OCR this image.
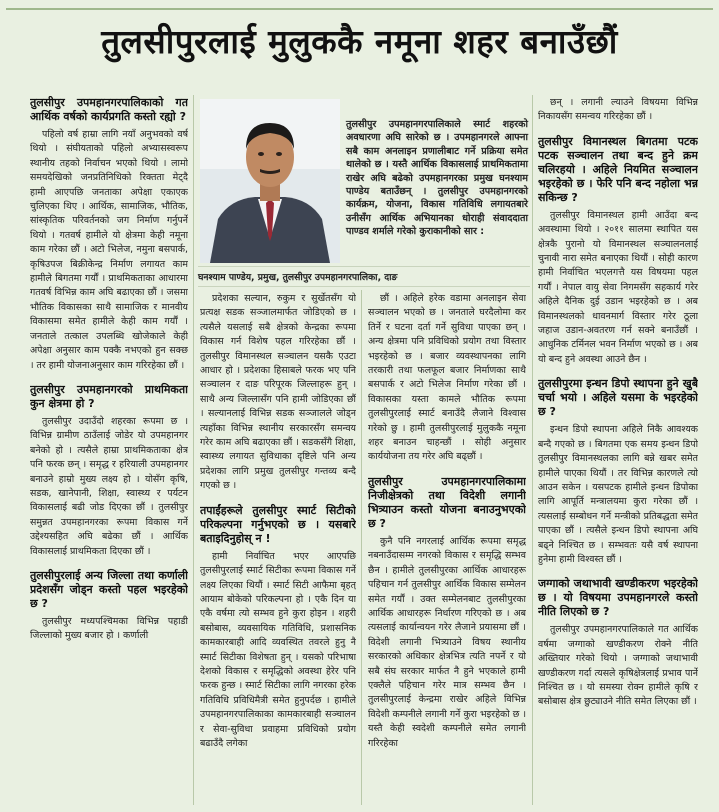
तुलसीपुरलाई मुलुककै नमूना शहर बनाउँछौं
तुलसीपुर उपमहानगरपालिकाले स्मार्ट शहरको अवधारणा अघि सारेको छ । उपमहानगरले आफ्ना सबै काम अनलाइन प्रणालीबाट गर्ने प्रक्रिया समेत थालेको छ । यस्तै आर्थिक विकासलाई प्राथमिकतामा राखेर अघि बढेको उपमहानगरका प्रमुख घनश्याम पाण्डेय बताउँछन् । तुलसीपुर उपमहानगरको कार्यक्रम, योजना, विकास गतिविधि लगायतबारे उनीसँग आर्थिक अभियानका धोराही संवाददाता पाण्डव शर्माले गरेको कुराकानीको सार :
घनश्याम पाण्डेय, प्रमुख, तुलसीपुर उपमहानगरपालिका, दाङ
तुलसीपुर उपमहानगरपालिकाको गत आर्थिक वर्षको कार्यप्रगति कस्तो रह्यो ?

पहिलो वर्ष हाम्रा लागि नयाँ अनुभवको वर्ष थियो । संघीयताको पहिलो अभ्यासस्वरूप स्थानीय तहको निर्वाचन भएको थियो । लामो समयदेखिको जनप्रतिनिधिको रिक्तता मेट्दै हामी आएपछि जनताका अपेक्षा एकाएक चुलिएका थिए । आर्थिक, सामाजिक, भौतिक, सांस्कृतिक परिवर्तनको जग निर्माण गर्नुपर्ने थियो । गतवर्ष हामीले यो क्षेत्रमा केही नमूना काम गरेका छौं । अटो भिलेज, नमुना बसपार्क, कृषिउपज बिक्रीकेन्द्र निर्माण लगायत काम हामीले बिगतमा गर्यौं । प्राथमिकताका आधारमा गतवर्ष विभिन्न काम अघि बढाएका छौं । जसमा भौतिक विकासका साथै सामाजिक र मानवीय विकासमा समेत हामीले केही काम गर्यौं । जनताले तत्काल उपलब्धि खोजेकाले केही अपेक्षा अनुसार काम पक्कै नभएको हुन सक्छ । तर हामी योजनाअनुसार काम गरिरहेका छौं ।

तुलसीपुर उपमहानगरको प्राथमिकता कुन क्षेत्रमा हो ?

तुलसीपुर उदाउँदो शहरका रूपमा छ । विभिन्न ग्रामीण ठाउँलाई जोडेर यो उपमहानगर बनेको हो । त्यसैले हाम्रा प्राथमिकताका क्षेत्र पनि फरक छन् । समृद्ध र हरियाली उपमहानगर बनाउने हाम्रो मुख्य लक्ष्य हो । योसँग कृषि, सडक, खानेपानी, शिक्षा, स्वास्थ्य र पर्यटन विकासलाई बढी जोड दिएका छौं । तुलसीपुर समुन्नत उपमहानगरका रूपमा विकास गर्ने उद्देश्यसहित अघि बढेका छौं । आर्थिक विकासलाई प्राथमिकता दिएका छौं ।

तुलसीपुरलाई अन्य जिल्ला तथा कर्णाली प्रदेशसँग जोड्न कस्तो पहल भइरहेको छ ?

तुलसीपुर मध्यपश्चिमका विभिन्न पहाडी जिल्लाको मुख्य बजार हो । कर्णाली

प्रदेशका सल्यान, रुकुम र सुर्खेतसँग यो प्रत्यक्ष सडक सञ्जालमार्फत जोडिएको छ । त्यसैले यसलाई सबै क्षेत्रको केन्द्रका रूपमा विकास गर्न विशेष पहल गरिरहेका छौं । तुलसीपुर विमानस्थल सञ्चालन यसकै एउटा आधार हो । प्रदेशका हिसाबले फरक भए पनि सञ्चालन र दाङ परिपूरक जिल्लाहरू हुन् । साथै अन्य जिल्लासँग पनि हामी जोडिएका छौं । सल्यानलाई विभिन्न सडक सञ्जालले जोड्न त्यहाँका विभिन्न स्थानीय सरकारसँग समन्वय गरेर काम अघि बढाएका छौं । सडकसँगै शिक्षा, स्वास्थ्य लगायत सुविधाका दृष्टिले पनि अन्य प्रदेशका लागि प्रमुख तुलसीपुर गन्तव्य बन्दै गएको छ ।

तपाईंहरूले तुलसीपुर स्मार्ट सिटीको परिकल्पना गर्नुभएको छ । यसबारे बताइदिनुहोस् न !

हामी निर्वाचित भएर आएपछि तुलसीपुरलाई स्मार्ट सिटीका रूपमा विकास गर्ने लक्ष्य लिएका थियौं । स्मार्ट सिटी आफैमा बृहत् आयाम बोकेको परिकल्पना हो । एकै दिन या एकै वर्षमा त्यो सम्भव हुने कुरा होइन । शहरी बसोबास, व्यवसायिक गतिविधि, प्रशासनिक कामकारबाही आदि व्यवस्थित तवरले हुनु नै स्मार्ट सिटीका विशेषता हुन् । यसको परिभाषा देशको विकास र समृद्धिको अवस्था हेरेर पनि फरक हुन्छ । स्मार्ट सिटीका लागि नगरका हरेक गतिविधि प्रविधिमैत्री समेत हुनुपर्दछ । हामीले उपमहानगरपालिकाका कामकारबाही सञ्चालन र सेवा-सुविधा प्रवाहमा प्रविधिको प्रयोग बढाउँदै लगेका

छौं । अहिले हरेक वडामा अनलाइन सेवा सञ्चालन भएको छ । जनताले घरदैलोमा कर तिर्ने र घटना दर्ता गर्ने सुविधा पाएका छन् । अन्य क्षेत्रमा पनि प्रविधिको प्रयोग तथा विस्तार भइरहेको छ । बजार व्यवस्थापनका लागि तरकारी तथा फलफूल बजार निर्माणका साथै बसपार्क र अटो भिलेज निर्माण गरेका छौं । विकासका यस्ता कामले भौतिक रूपमा तुलसीपुरलाई स्मार्ट बनाउँदै लैजाने विश्वास गरेको छु । हामी तुलसीपुरलाई मुलुककै नमूना शहर बनाउन चाहन्छौं । सोही अनुसार कार्ययोजना तय गरेर अघि बढ्छौं ।

तुलसीपुर उपमहानगरपालिकामा निजीक्षेत्रको तथा विदेशी लगानी भित्र्याउन कस्तो योजना बनाउनुभएको छ ?

कुनै पनि नगरलाई आर्थिक रूपमा समृद्ध नबनाउँदासम्म नगरको विकास र समृद्धि सम्भव छैन । हामीले तुलसीपुरका आर्थिक आधारहरू पहिचान गर्न तुलसीपुर आर्थिक विकास सम्मेलन समेत गर्यौं । उक्त सम्मेलनबाट तुलसीपुरका आर्थिक आधारहरू निर्धारण गरिएको छ । अब त्यसलाई कार्यान्वयन गरेर लैजाने प्रयासमा छौं । विदेशी लगानी भित्र्याउने विषय स्थानीय सरकारको अधिकार क्षेत्रभित्र त्यति नपर्ने र यो सबै संघ सरकार मार्फत नै हुने भएकाले हामी एक्लैले पहिचान गरेर मात्र सम्भव छैन । तुलसीपुरलाई केन्द्रमा राखेर अहिले विभिन्न विदेशी कम्पनीले लगानी गर्ने कुरा भइरहेको छ । यस्तै केही स्वदेशी कम्पनीले समेत लगानी गरिरहेका

छन् । लगानी ल्याउने विषयमा विभिन्न निकायसँग समन्वय गरिरहेका छौं ।

तुलसीपुर विमानस्थल बिगतमा पटक पटक सञ्चालन तथा बन्द हुने क्रम चलिरहयो । अहिले नियमित सञ्चालन भइरहेको छ । फेरि पनि बन्द नहोला भन्न सकिन्छ ?

तुलसीपुर विमानस्थल हामी आउँदा बन्द अवस्थामा थियो । २०११ सालमा स्थापित यस क्षेत्रकै पुरानो यो विमानस्थल सञ्चालनलाई चुनावी नारा समेत बनाएका थियौं । सोही कारण हामी निर्वाचित भएलगत्तै यस विषयमा पहल गर्यौं । नेपाल वायु सेवा निगमसँग सहकार्य गरेर अहिले दैनिक दुई उडान भइरहेको छ । अब विमानस्थलको धावनमार्ग विस्तार गरेर ठूला जहाज उडान-अवतरण गर्न सक्ने बनाउँछौं । आधुनिक टर्मिनल भवन निर्माण भएको छ । अब यो बन्द हुने अवस्था आउने छैन ।

तुलसीपुरमा इन्धन डिपो स्थापना हुने खुबै चर्चा भयो । अहिले यसमा के भइरहेको छ ?

इन्धन डिपो स्थापना अहिले निकै आवश्यक बन्दै गएको छ । बिगतमा एक समय इन्धन डिपो तुलसीपुर विमानस्थलका लागि बन्ने खबर समेत हामीले पाएका थियौं । तर विभिन्न कारणले त्यो आउन सकेन । यसपटक हामीले इन्धन डिपोका लागि आपूर्ति मन्त्रालयमा कुरा गरेका छौं । त्यसलाई सम्बोधन गर्ने मन्त्रीको प्रतिबद्धता समेत पाएका छौं । त्यसैले इन्धन डिपो स्थापना अघि बढ्ने निश्चित छ । सम्भवतः यसै वर्ष स्थापना हुनेमा हामी विश्वस्त छौं ।

जग्गाको जथाभावी खण्डीकरण भइरहेको छ । यो विषयमा उपमहानगरले कस्तो नीति लिएको छ ?

तुलसीपुर उपमहानगरपालिकाले गत आर्थिक वर्षमा जग्गाको खण्डीकरण रोक्ने नीति अख्तियार गरेको थियो । जग्गाको जथाभावी खण्डीकरण गर्दा त्यसले कृषिक्षेत्रलाई प्रभाव पार्ने निश्चित छ । यो समस्या रोक्न हामीले कृषि र बसोबास क्षेत्र छुट्याउने नीति समेत लिएका छौं ।
